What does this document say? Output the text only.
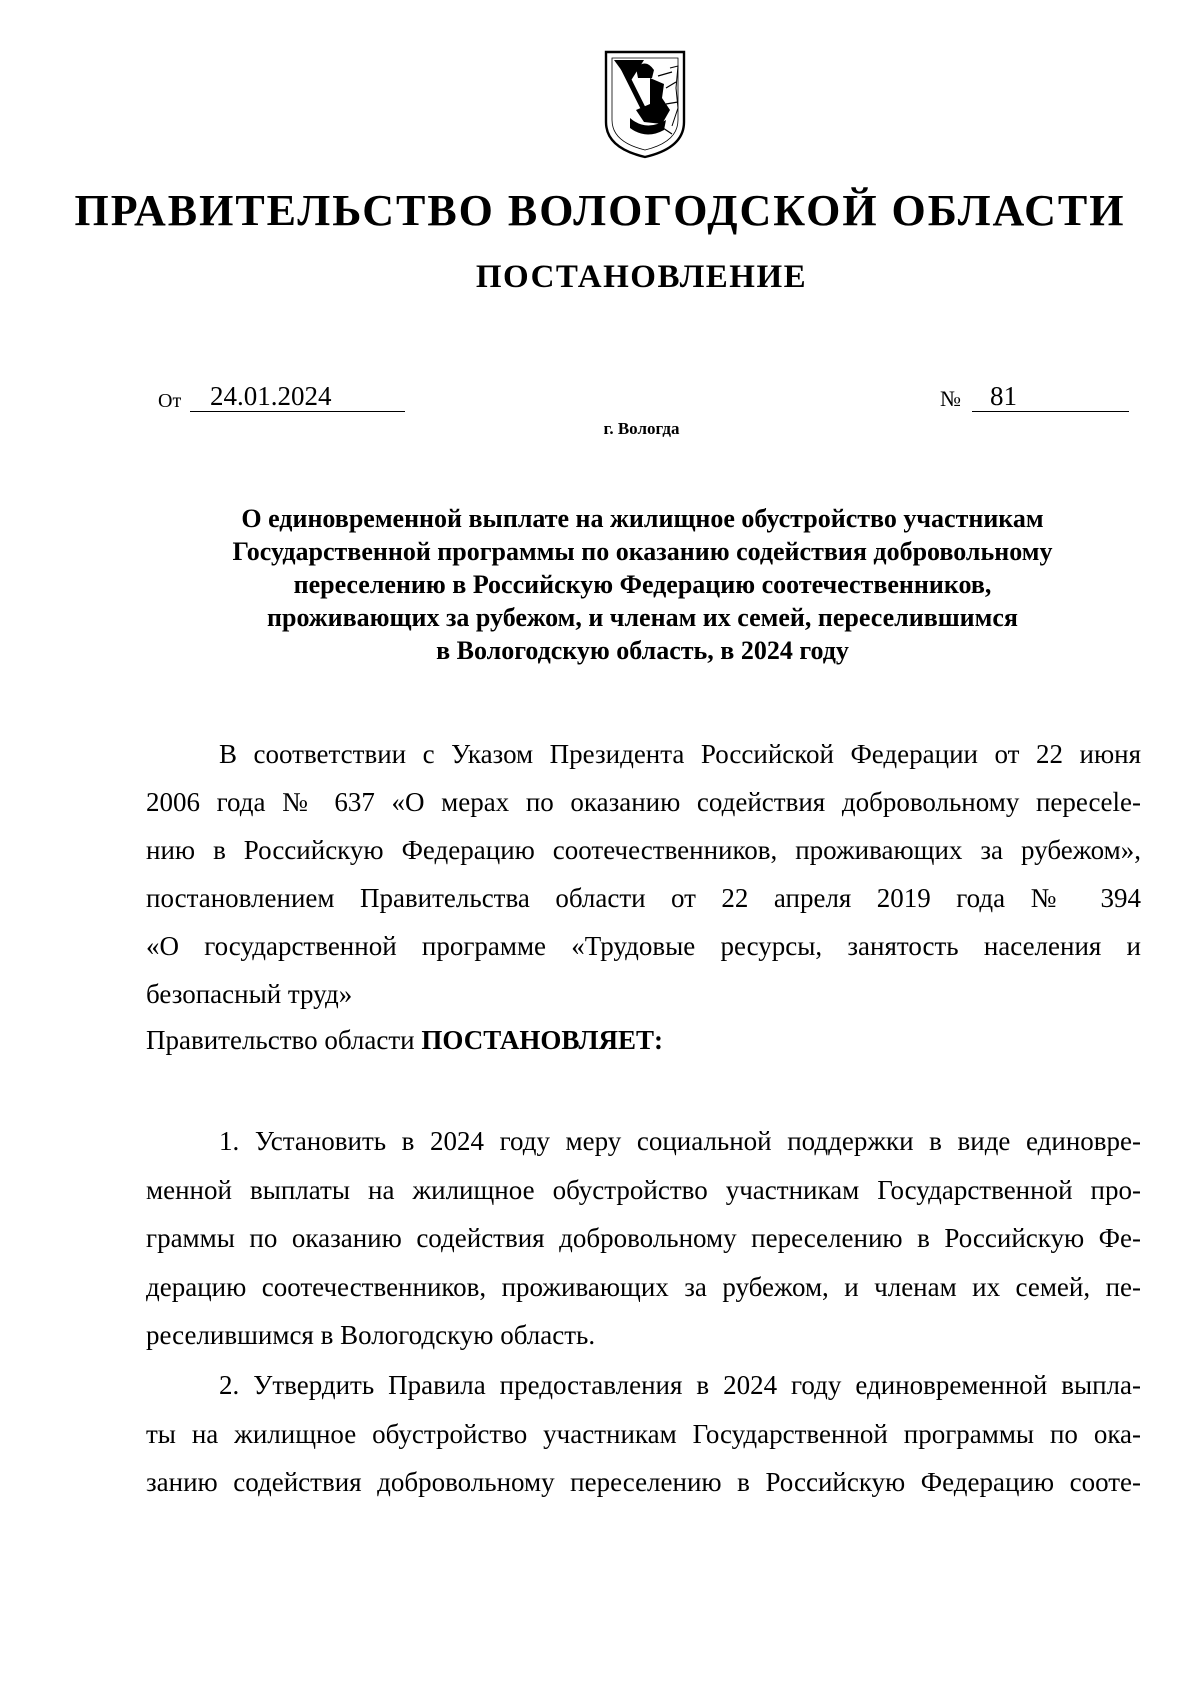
ПРАВИТЕЛЬСТВО ВОЛОГОДСКОЙ ОБЛАСТИ
ПОСТАНОВЛЕНИЕ
От	24.01.2024	№	81
г. Вологда
О единовременной выплате на жилищное обустройство участникам
Государственной программы по оказанию содействия добровольному
переселению в Российскую Федерацию соотечественников,
проживающих за рубежом, и членам их семей, переселившимся
в Вологодскую область, в 2024 году
В соответствии с Указом Президента Российской Федерации от 22 июня
2006 года № 637 «О мерах по оказанию содействия добровольному пересele-
нию в Российскую Федерацию соотечественников, проживающих за рубежом»,
постановлением Правительства области от 22 апреля 2019 года № 394
«О государственной программе «Трудовые ресурсы, занятость населения и
безопасный труд»
Правительство области ПОСТАНОВЛЯЕТ:
1. Установить в 2024 году меру социальной поддержки в виде единовре-
менной выплаты на жилищное обустройство участникам Государственной про-
граммы по оказанию содействия добровольному переселению в Российскую Фе-
дерацию соотечественников, проживающих за рубежом, и членам их семей, пе-
реселившимся в Вологодскую область.
2. Утвердить Правила предоставления в 2024 году единовременной выпла-
ты на жилищное обустройство участникам Государственной программы по ока-
занию содействия добровольному переселению в Российскую Федерацию сооте-
